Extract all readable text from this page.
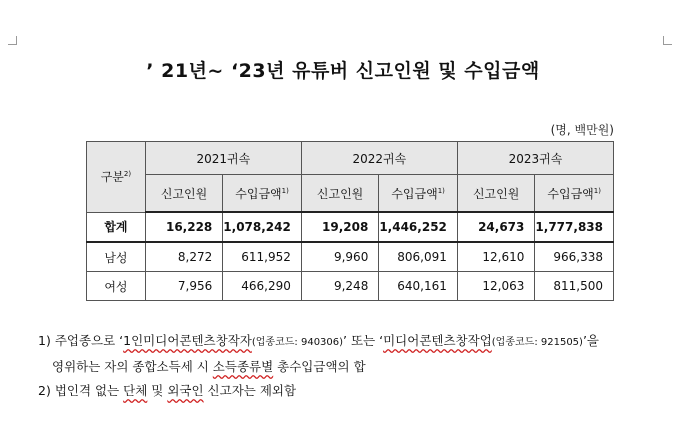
’ 21년~ ‘23년 유튜버 신고인원 및 수입금액
(명, 백만원)
구분$^{2)}$	2021귀속		2022귀속		2023귀속	
	신고인원	수입금액$^{1)}$	신고인원	수입금액$^{1)}$	신고인원	수입금액$^{1)}$
합계	16,228	1,078,242	19,208	1,446,252	24,673	1,777,838
남성	8,272	611,952	9,960	806,091	12,610	966,338
여성	7,956	466,290	9,248	640,161	12,063	811,500
1) 주업종으로 ‘1인미디어콘텐츠창작자(업종코드: 940306)’ 또는 ‘미디어콘텐츠창작업(업종코드: 921505)’을
영위하는 자의 종합소득세 시 소득종류별 총수입금액의 합
2) 법인격 없는 단체 및 외국인 신고자는 제외함
